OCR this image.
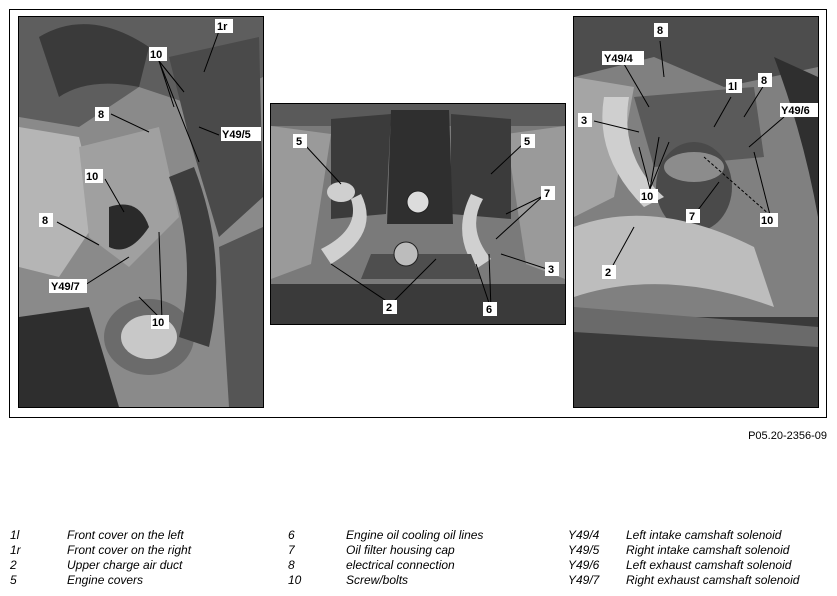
1r
10
8
Y49/5
10
8
Y49/7
10
5	5
7
3
2	6
8
Y49/4
1l 8
Y49/6
3
10
7	10
2
P05.20-2356-09
1l	Front cover on the left
1r	Front cover on the right
2	Upper charge air duct
5	Engine covers
6	Engine oil cooling oil lines
7	Oil filter housing cap
8	electrical connection
10	Screw/bolts
Y49/4 Left intake camshaft solenoid
Y49/5 Right intake camshaft solenoid
Y49/6 Left exhaust camshaft solenoid
Y49/7 Right exhaust camshaft solenoid
